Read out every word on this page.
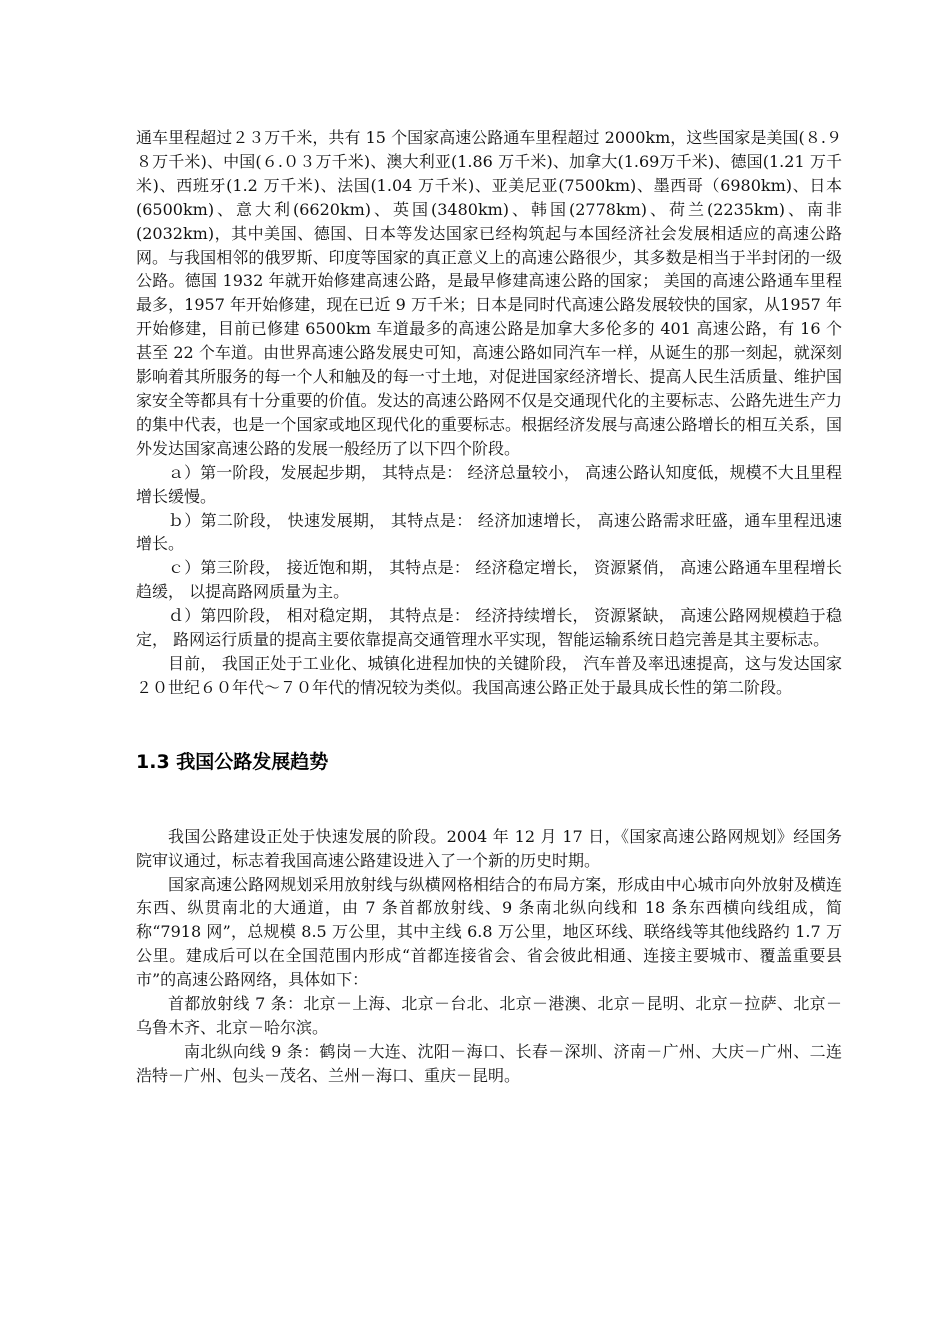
通车里程超过２３万千米，共有 15 个国家高速公路通车里程超过 2000km，这些国家是美国(８.９８万千米)、中国(６.０３万千米)、澳大利亚(1.86 万千米)、加拿大(1.69万千米)、德国(1.21 万千米)、西班牙(1.2 万千米)、法国(1.04 万千米)、亚美尼亚(7500km)、墨西哥（6980km)、日本(6500km)、意大利(6620km)、英国(3480km)、韩国(2778km)、荷兰(2235km)、南非(2032km)，其中美国、德国、日本等发达国家已经构筑起与本国经济社会发展相适应的高速公路网。与我国相邻的俄罗斯、印度等国家的真正意义上的高速公路很少，其多数是相当于半封闭的一级公路。德国 1932 年就开始修建高速公路，是最早修建高速公路的国家； 美国的高速公路通车里程最多，1957 年开始修建，现在已近 9 万千米；日本是同时代高速公路发展较快的国家，从1957 年开始修建，目前已修建 6500km 车道最多的高速公路是加拿大多伦多的 401 高速公路，有 16 个甚至 22 个车道。由世界高速公路发展史可知，高速公路如同汽车一样，从诞生的那一刻起，就深刻影响着其所服务的每一个人和触及的每一寸土地，对促进国家经济增长、提高人民生活质量、维护国家安全等都具有十分重要的价值。发达的高速公路网不仅是交通现代化的主要标志、公路先进生产力的集中代表，也是一个国家或地区现代化的重要标志。根据经济发展与高速公路增长的相互关系，国外发达国家高速公路的发展一般经历了以下四个阶段。

ａ）第一阶段，发展起步期， 其特点是： 经济总量较小， 高速公路认知度低，规模不大且里程增长缓慢。

ｂ）第二阶段， 快速发展期， 其特点是： 经济加速增长， 高速公路需求旺盛，通车里程迅速增长。

ｃ）第三阶段， 接近饱和期， 其特点是： 经济稳定增长， 资源紧俏， 高速公路通车里程增长趋缓， 以提高路网质量为主。

ｄ）第四阶段， 相对稳定期， 其特点是： 经济持续增长， 资源紧缺， 高速公路网规模趋于稳定， 路网运行质量的提高主要依靠提高交通管理水平实现，智能运输系统日趋完善是其主要标志。

目前， 我国正处于工业化、城镇化进程加快的关键阶段， 汽车普及率迅速提高，这与发达国家２０世纪６０年代～７０年代的情况较为类似。我国高速公路正处于最具成长性的第二阶段。

1.3 我国公路发展趋势

我国公路建设正处于快速发展的阶段。2004 年 12 月 17 日，《国家高速公路网规划》经国务院审议通过，标志着我国高速公路建设进入了一个新的历史时期。

国家高速公路网规划采用放射线与纵横网格相结合的布局方案，形成由中心城市向外放射及横连东西、纵贯南北的大通道，由 7 条首都放射线、9 条南北纵向线和 18 条东西横向线组成，简称“7918 网”，总规模 8.5 万公里，其中主线 6.8 万公里，地区环线、联络线等其他线路约 1.7 万公里。建成后可以在全国范围内形成“首都连接省会、省会彼此相通、连接主要城市、覆盖重要县市”的高速公路网络，具体如下：

首都放射线 7 条：北京－上海、北京－台北、北京－港澳、北京－昆明、北京－拉萨、北京－乌鲁木齐、北京－哈尔滨。

南北纵向线 9 条：鹤岗－大连、沈阳－海口、长春－深圳、济南－广州、大庆－广州、二连浩特－广州、包头－茂名、兰州－海口、重庆－昆明。
